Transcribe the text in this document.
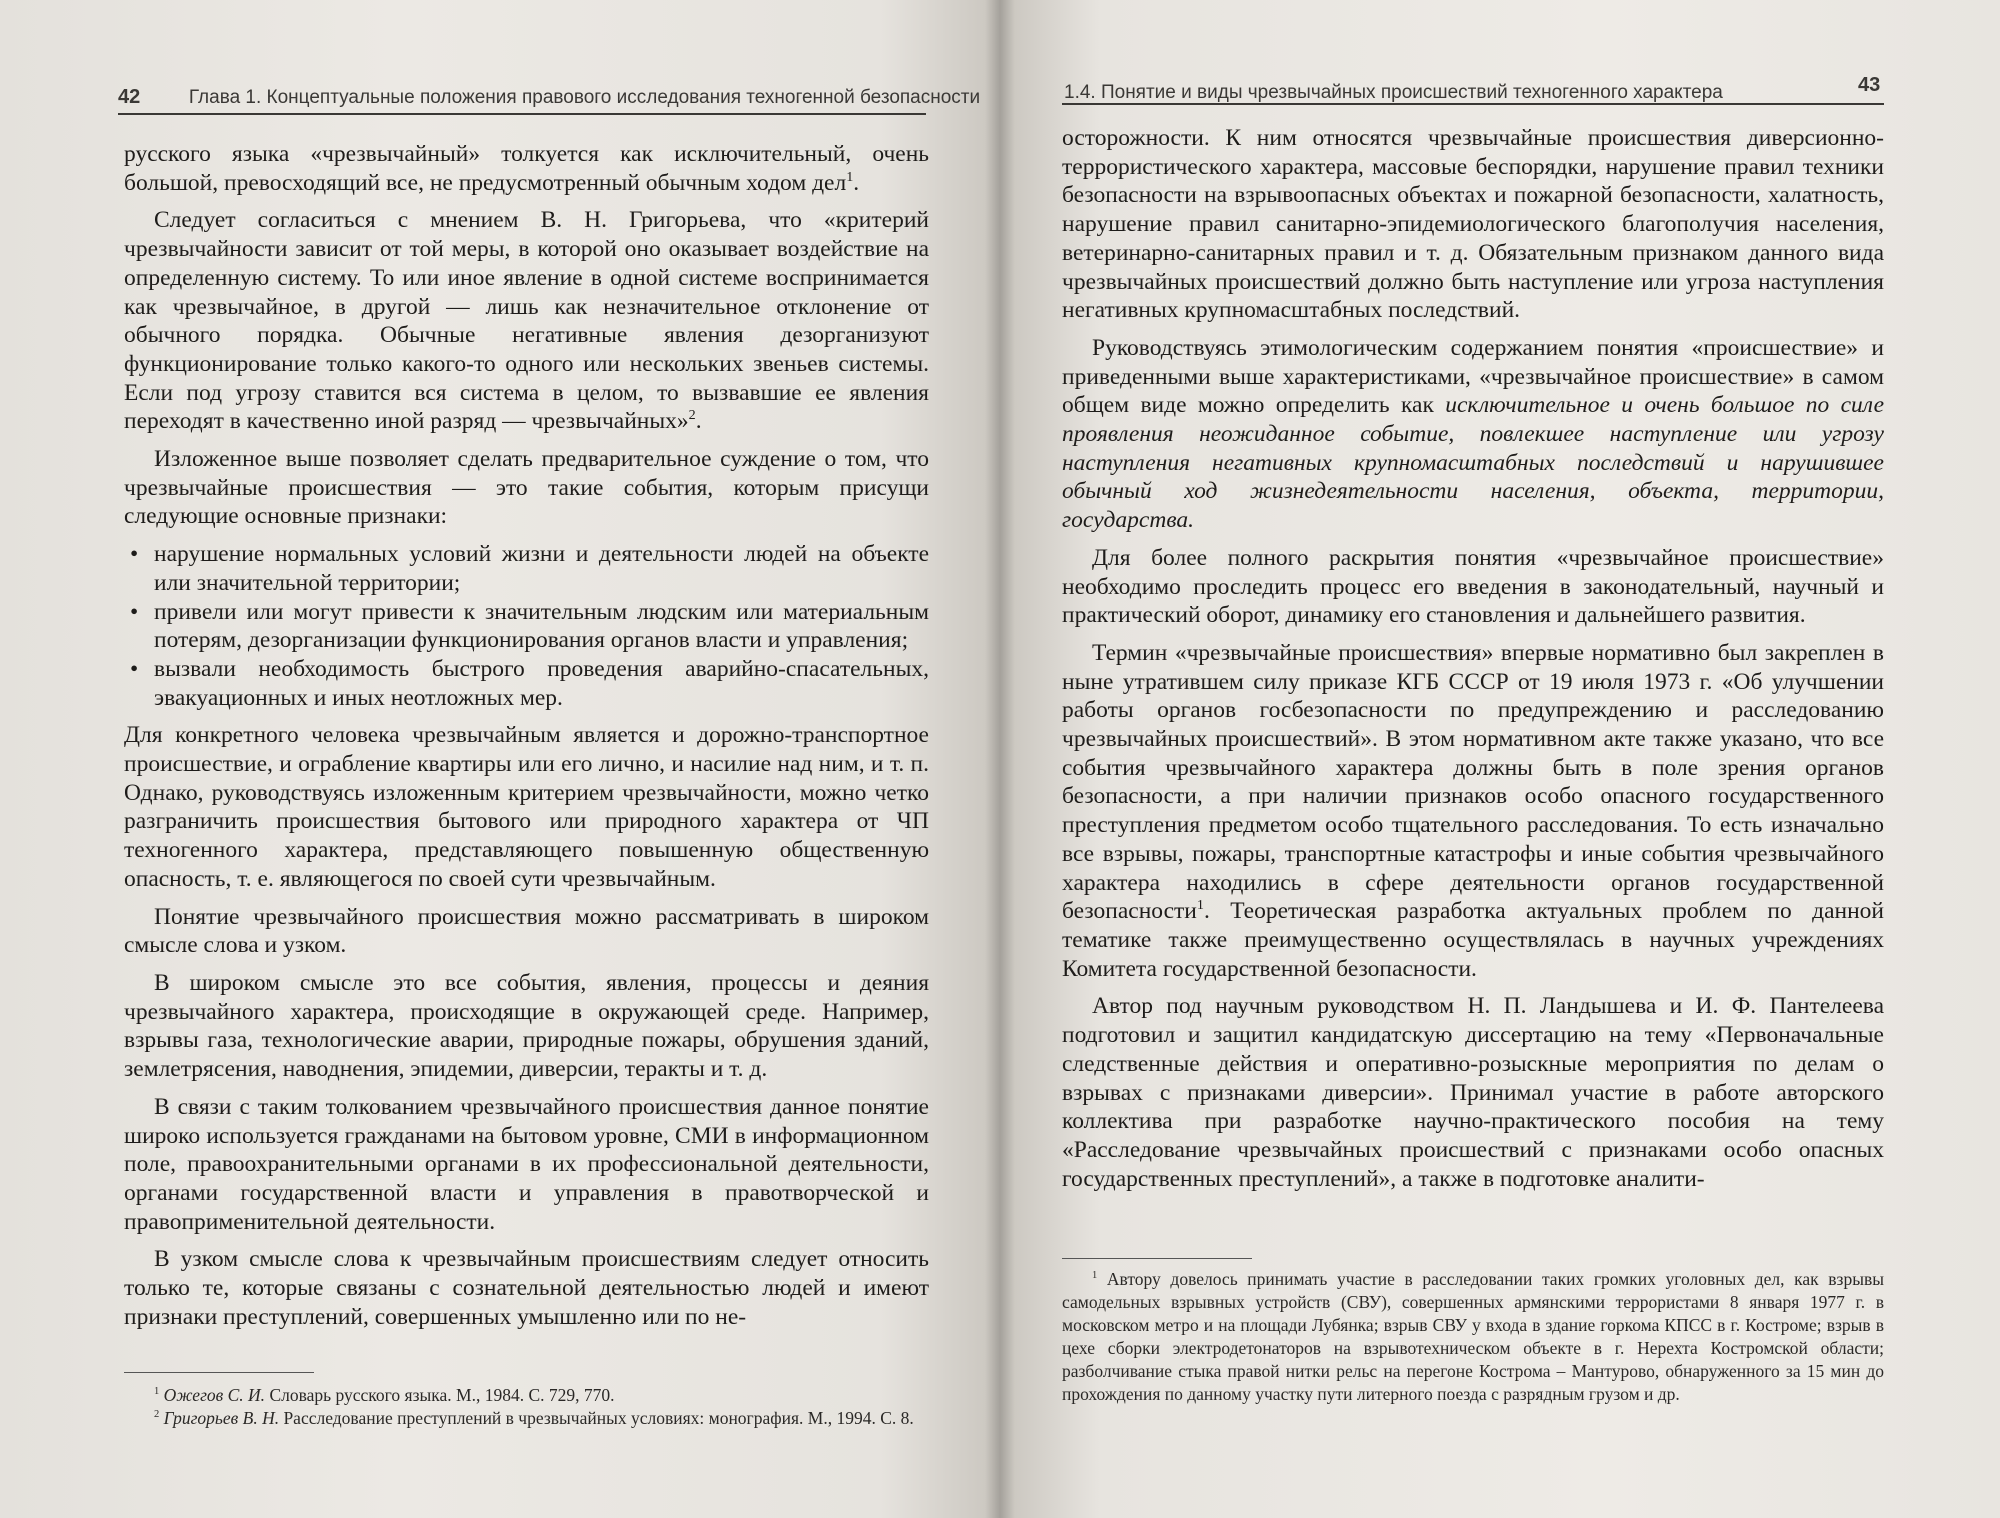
42	Глава 1. Концептуальные положения правового исследования техногенной безопасности

русского языка «чрезвычайный» толкуется как исключительный, очень большой, превосходящий все, не предусмотренный обычным ходом дел$^1$.

Следует согласиться с мнением В. Н. Григорьева, что «критерий чрезвычайности зависит от той меры, в которой оно оказывает воздействие на определенную систему. То или иное явление в одной системе воспринимается как чрезвычайное, в другой — лишь как незначительное отклонение от обычного порядка. Обычные негативные явления дезорганизуют функционирование только какого-то одного или нескольких звеньев системы. Если под угрозу ставится вся система в целом, то вызвавшие ее явления переходят в качественно иной разряд — чрезвычайных»$^2$.

Изложенное выше позволяет сделать предварительное суждение о том, что чрезвычайные происшествия — это такие события, которым присущи следующие основные признаки:

• нарушение нормальных условий жизни и деятельности людей на объекте или значительной территории;
• привели или могут привести к значительным людским или материальным потерям, дезорганизации функционирования органов власти и управления;
• вызвали необходимость быстрого проведения аварийно-спасательных, эвакуационных и иных неотложных мер.

Для конкретного человека чрезвычайным является и дорожно-транспортное происшествие, и ограбление квартиры или его лично, и насилие над ним, и т. п. Однако, руководствуясь изложенным критерием чрезвычайности, можно четко разграничить происшествия бытового или природного характера от ЧП техногенного характера, представляющего повышенную общественную опасность, т. е. являющегося по своей сути чрезвычайным.

Понятие чрезвычайного происшествия можно рассматривать в широком смысле слова и узком.

В широком смысле это все события, явления, процессы и деяния чрезвычайного характера, происходящие в окружающей среде. Например, взрывы газа, технологические аварии, природные пожары, обрушения зданий, землетрясения, наводнения, эпидемии, диверсии, теракты и т. д.

В связи с таким толкованием чрезвычайного происшествия данное понятие широко используется гражданами на бытовом уровне, СМИ в информационном поле, правоохранительными органами в их профессиональной деятельности, органами государственной власти и управления в правотворческой и правоприменительной деятельности.

В узком смысле слова к чрезвычайным происшествиям следует относить только те, которые связаны с сознательной деятельностью людей и имеют признаки преступлений, совершенных умышленно или по не-

$^1$ Ожегов С. И. Словарь русского языка. М., 1984. С. 729, 770.

$^2$ Григорьев В. Н. Расследование преступлений в чрезвычайных условиях: монография. М., 1994. С. 8.

1.4. Понятие и виды чрезвычайных происшествий техногенного характера	43

осторожности. К ним относятся чрезвычайные происшествия диверсионно-террористического характера, массовые беспорядки, нарушение правил техники безопасности на взрывоопасных объектах и пожарной безопасности, халатность, нарушение правил санитарно-эпидемиологического благополучия населения, ветеринарно-санитарных правил и т. д. Обязательным признаком данного вида чрезвычайных происшествий должно быть наступление или угроза наступления негативных крупномасштабных последствий.

Руководствуясь этимологическим содержанием понятия «происшествие» и приведенными выше характеристиками, «чрезвычайное происшествие» в самом общем виде можно определить как исключительное и очень большое по силе проявления неожиданное событие, повлекшее наступление или угрозу наступления негативных крупномасштабных последствий и нарушившее обычный ход жизнедеятельности населения, объекта, территории, государства.

Для более полного раскрытия понятия «чрезвычайное происшествие» необходимо проследить процесс его введения в законодательный, научный и практический оборот, динамику его становления и дальнейшего развития.

Термин «чрезвычайные происшествия» впервые нормативно был закреплен в ныне утратившем силу приказе КГБ СССР от 19 июля 1973 г. «Об улучшении работы органов госбезопасности по предупреждению и расследованию чрезвычайных происшествий». В этом нормативном акте также указано, что все события чрезвычайного характера должны быть в поле зрения органов безопасности, а при наличии признаков особо опасного государственного преступления предметом особо тщательного расследования. То есть изначально все взрывы, пожары, транспортные катастрофы и иные события чрезвычайного характера находились в сфере деятельности органов государственной безопасности$^1$. Теоретическая разработка актуальных проблем по данной тематике также преимущественно осуществлялась в научных учреждениях Комитета государственной безопасности.

Автор под научным руководством Н. П. Ландышева и И. Ф. Пантелеева подготовил и защитил кандидатскую диссертацию на тему «Первоначальные следственные действия и оперативно-розыскные мероприятия по делам о взрывах с признаками диверсии». Принимал участие в работе авторского коллектива при разработке научно-практического пособия на тему «Расследование чрезвычайных происшествий с признаками особо опасных государственных преступлений», а также в подготовке аналити-

$^1$ Автору довелось принимать участие в расследовании таких громких уголовных дел, как взрывы самодельных взрывных устройств (СВУ), совершенных армянскими террористами 8 января 1977 г. в московском метро и на площади Лубянка; взрыв СВУ у входа в здание горкома КПСС в г. Костроме; взрыв в цехе сборки электродетонаторов на взрывотехническом объекте в г. Нерехта Костромской области; разболчивание стыка правой нитки рельс на перегоне Кострома – Мантурово, обнаруженного за 15 мин до прохождения по данному участку пути литерного поезда с разрядным грузом и др.
